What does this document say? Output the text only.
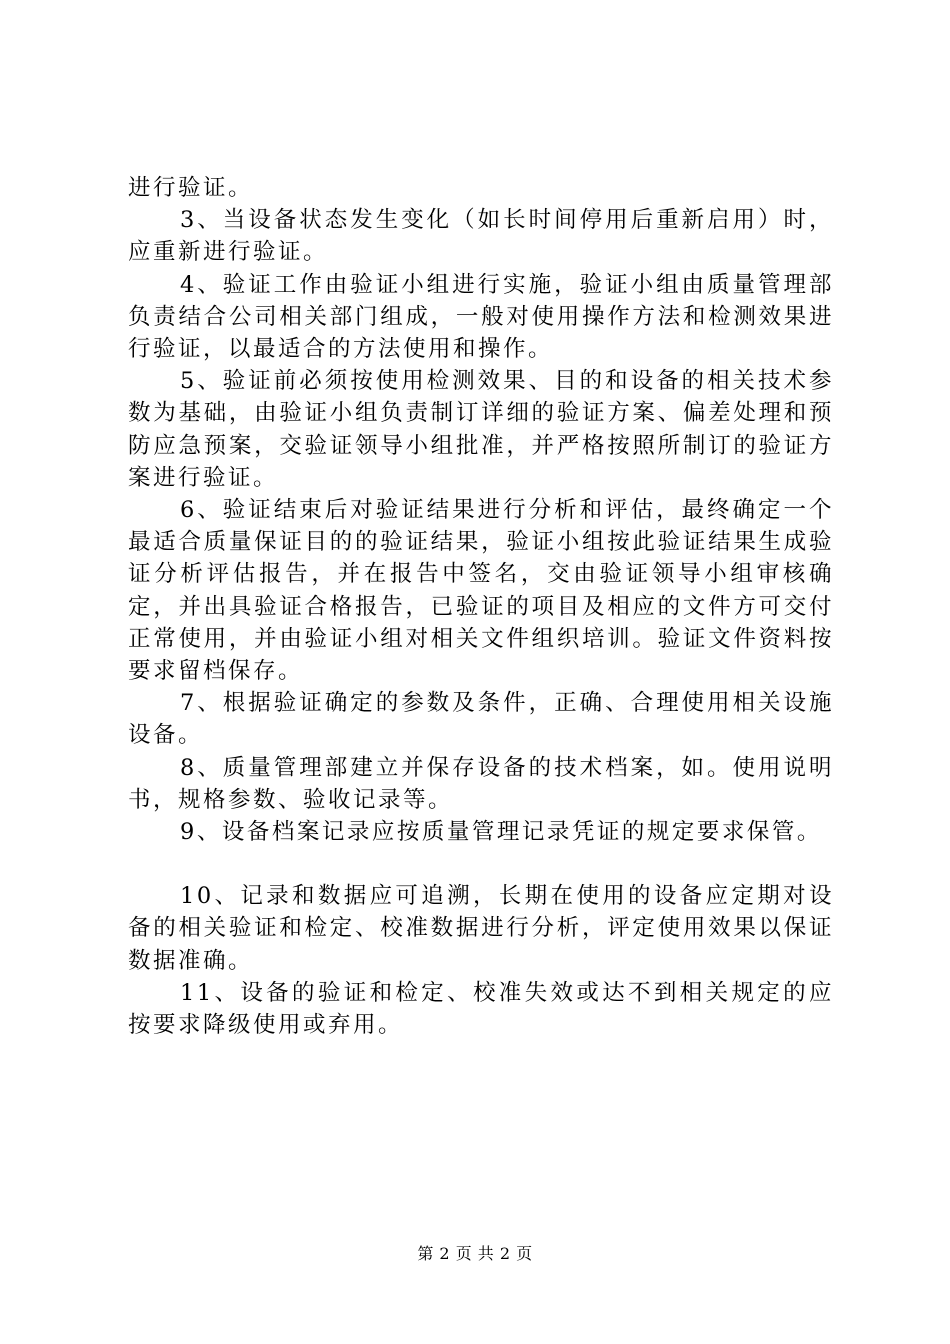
进行验证。

3、当设备状态发生变化（如长时间停用后重新启用）时，应重新进行验证。

4、验证工作由验证小组进行实施，验证小组由质量管理部负责结合公司相关部门组成，一般对使用操作方法和检测效果进行验证，以最适合的方法使用和操作。

5、验证前必须按使用检测效果、目的和设备的相关技术参数为基础，由验证小组负责制订详细的验证方案、偏差处理和预防应急预案，交验证领导小组批准，并严格按照所制订的验证方案进行验证。

6、验证结束后对验证结果进行分析和评估，最终确定一个最适合质量保证目的的验证结果，验证小组按此验证结果生成验证分析评估报告，并在报告中签名，交由验证领导小组审核确定，并出具验证合格报告，已验证的项目及相应的文件方可交付正常使用，并由验证小组对相关文件组织培训。验证文件资料按要求留档保存。

7、根据验证确定的参数及条件，正确、合理使用相关设施设备。

8、质量管理部建立并保存设备的技术档案，如。使用说明书，规格参数、验收记录等。

9、设备档案记录应按质量管理记录凭证的规定要求保管。

10、记录和数据应可追溯，长期在使用的设备应定期对设备的相关验证和检定、校准数据进行分析，评定使用效果以保证数据准确。

11、设备的验证和检定、校准失效或达不到相关规定的应按要求降级使用或弃用。

第 2 页 共 2 页
